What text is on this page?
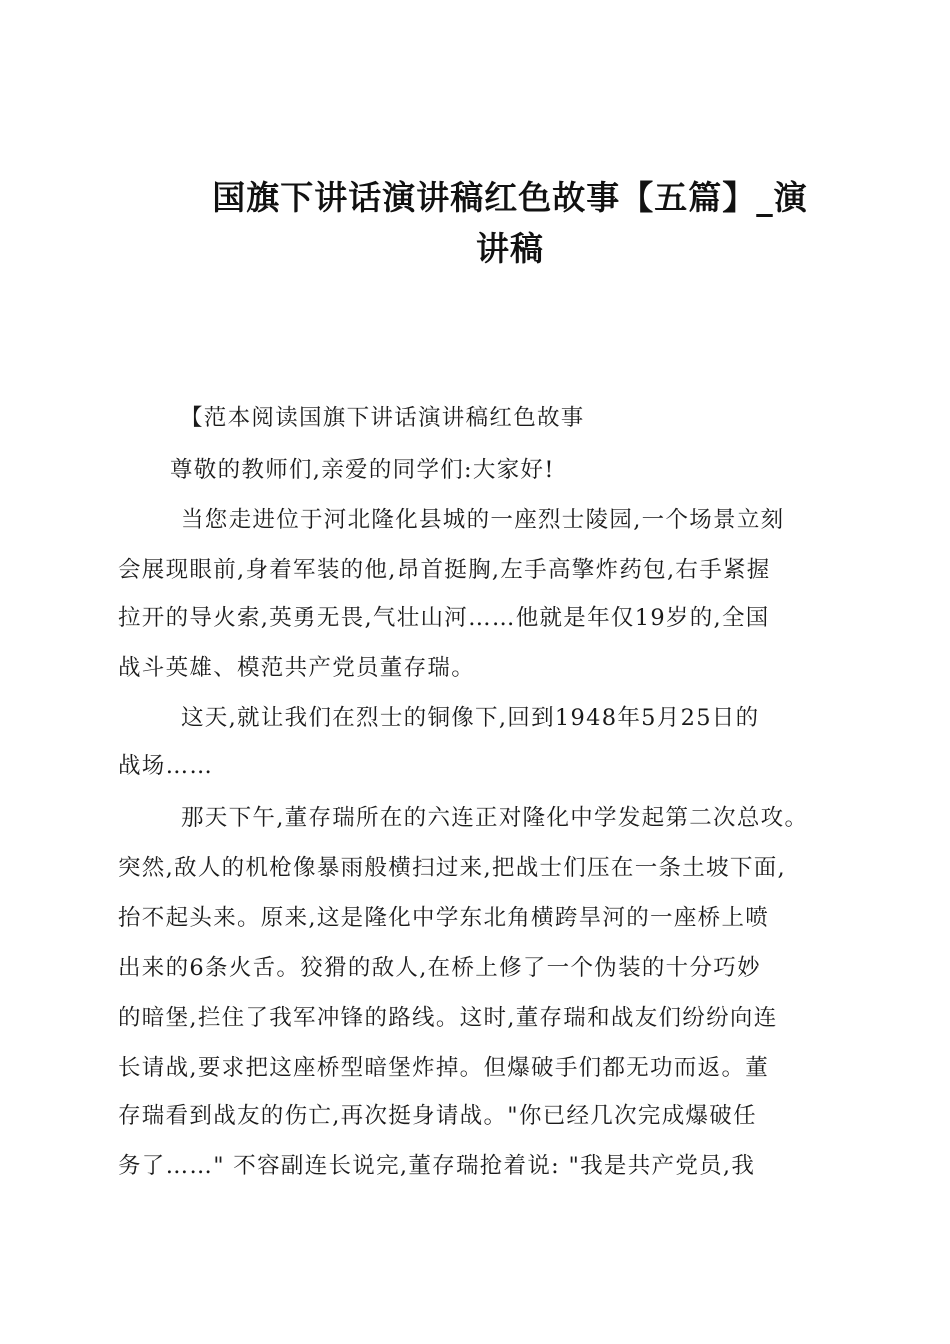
国旗下讲话演讲稿红色故事【五篇】_演
讲稿
【范本阅读国旗下讲话演讲稿红色故事
尊敬的教师们,亲爱的同学们:大家好!
当您走进位于河北隆化县城的一座烈士陵园,一个场景立刻
会展现眼前,身着军装的他,昂首挺胸,左手高擎炸药包,右手紧握
拉开的导火索,英勇无畏,气壮山河……他就是年仅19岁的,全国
战斗英雄、模范共产党员董存瑞。
这天,就让我们在烈士的铜像下,回到1948年5月25日的
战场……
那天下午,董存瑞所在的六连正对隆化中学发起第二次总攻。
突然,敌人的机枪像暴雨般横扫过来,把战士们压在一条土坡下面,
抬不起头来。原来,这是隆化中学东北角横跨旱河的一座桥上喷
出来的6条火舌。狡猾的敌人,在桥上修了一个伪装的十分巧妙
的暗堡,拦住了我军冲锋的路线。这时,董存瑞和战友们纷纷向连
长请战,要求把这座桥型暗堡炸掉。但爆破手们都无功而返。董
存瑞看到战友的伤亡,再次挺身请战。"你已经几次完成爆破任
务了……" 不容副连长说完,董存瑞抢着说: "我是共产党员,我
